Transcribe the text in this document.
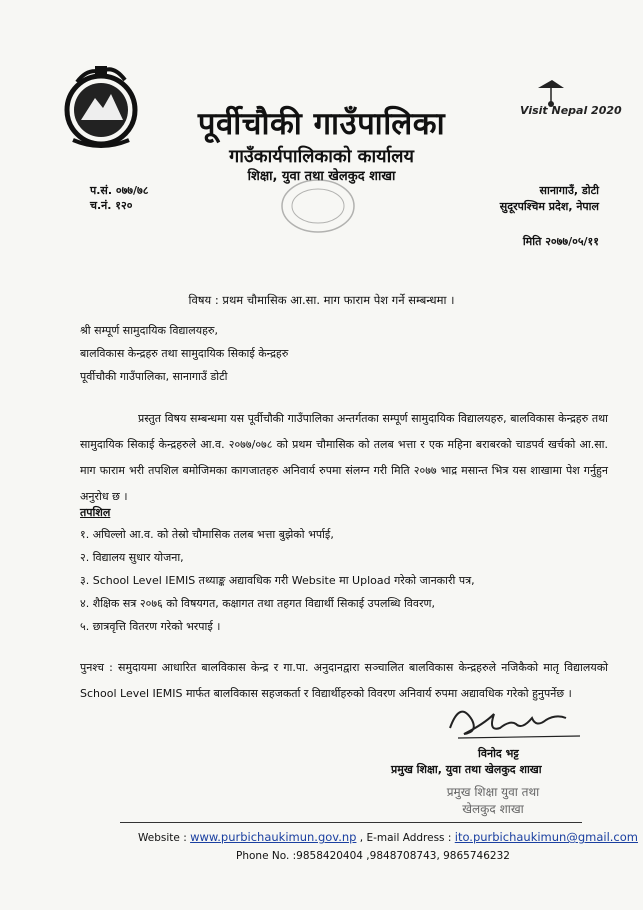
Visit Nepal 2020
पूर्वीचौकी गाउँपालिका
गाउँकार्यपालिकाको कार्यालय
शिक्षा, युवा तथा खेलकुद शाखा
प.सं. ०७७/७८
च.नं. १२०
सानागाउँ, डोटी
सुदूरपश्चिम प्रदेश, नेपाल
मिति २०७७/०५/११
विषय : प्रथम चौमासिक आ.सा. माग फाराम पेश गर्ने सम्बन्धमा ।
श्री सम्पूर्ण सामुदायिक विद्यालयहरु,
बालविकास केन्द्रहरु तथा सामुदायिक सिकाई केन्द्रहरु
पूर्वीचौकी गाउँपालिका, सानागाउँ डोटी
प्रस्तुत विषय सम्बन्धमा यस पूर्वीचौकी गाउँपालिका अन्तर्गतका सम्पूर्ण सामुदायिक विद्यालयहरु, बालविकास केन्द्रहरु तथा सामुदायिक सिकाई केन्द्रहरुले आ.व. २०७७/०७८ को प्रथम चौमासिक को तलब भत्ता र एक महिना बराबरको चाडपर्व खर्चको आ.सा. माग फाराम भरी तपशिल बमोजिमका कागजातहरु अनिवार्य रुपमा संलग्न गरी मिति २०७७ भाद्र मसान्त भित्र यस शाखामा पेश गर्नुहुन अनुरोध छ ।
तपशिल
१. अघिल्लो आ.व. को तेस्रो चौमासिक तलब भत्ता बुझेको भर्पाई,
२. विद्यालय सुधार योजना,
३. School Level IEMIS तथ्याङ्क अद्यावधिक गरी Website मा Upload गरेको जानकारी पत्र,
४. शैक्षिक सत्र २०७६ को विषयगत, कक्षागत तथा तहगत विद्यार्थी सिकाई उपलब्धि विवरण,
५. छात्रवृत्ति वितरण गरेको भरपाई ।
पुनश्च : समुदायमा आधारित बालविकास केन्द्र र गा.पा. अनुदानद्वारा सञ्चालित बालविकास केन्द्रहरुले नजिकैको मातृ विद्यालयको School Level IEMIS मार्फत बालविकास सहजकर्ता र विद्यार्थीहरुको विवरण अनिवार्य रुपमा अद्यावधिक गरेको हुनुपर्नेछ ।
विनोद भट्ट
प्रमुख शिक्षा, युवा तथा खेलकुद शाखा
प्रमुख शिक्षा युवा तथा
खेलकुद शाखा
Website : www.purbichaukimun.gov.np , E-mail Address : ito.purbichaukimun@gmail.com
Phone No. :9858420404 ,9848708743, 9865746232
